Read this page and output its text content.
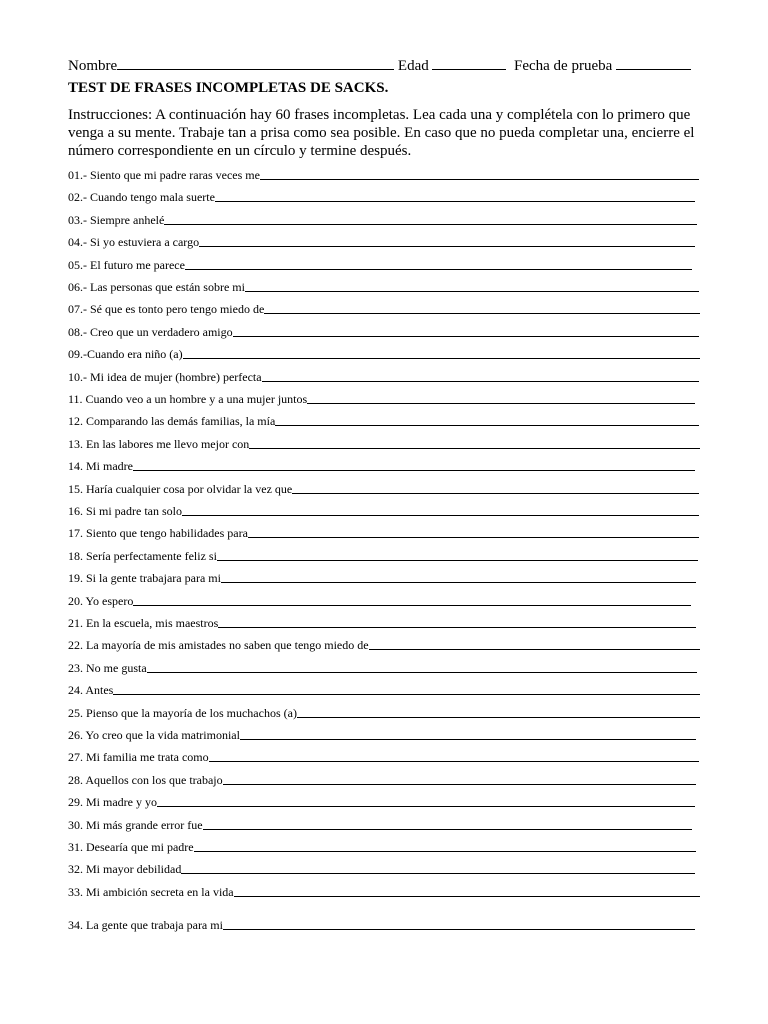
Nombre	Edad	Fecha de prueba
TEST DE FRASES INCOMPLETAS DE SACKS.
Instrucciones: A continuación hay 60 frases incompletas. Lea cada una y complétela con lo primero que venga a su mente. Trabaje tan a prisa como sea posible. En caso que no pueda completar una, encierre el número correspondiente en un círculo y termine después.
01.- Siento que mi padre raras veces me
02.- Cuando tengo mala suerte
03.- Siempre anhelé
04.- Si yo estuviera a cargo
05.- El futuro me parece
06.- Las personas que están sobre mi
07.- Sé que es tonto pero tengo miedo de
08.- Creo que un verdadero amigo
09.-Cuando era niño (a)
10.- Mi idea de mujer (hombre) perfecta
11. Cuando veo a un hombre y a una mujer juntos
12. Comparando las demás familias, la mía
13. En las labores me llevo mejor con
14. Mi madre
15. Haría cualquier cosa por olvidar la vez que
16. Si mi padre tan solo
17. Siento que tengo habilidades para
18. Sería perfectamente feliz si
19. Si la gente trabajara para mi
20. Yo espero
21. En la escuela, mis maestros
22. La mayoría de mis amistades no saben que tengo miedo de
23. No me gusta
24. Antes
25. Pienso que la mayoría de los muchachos (a)
26. Yo creo que la vida matrimonial
27. Mi familia me trata como
28. Aquellos con los que trabajo
29. Mi madre y yo
30. Mi más grande error fue
31. Desearía que mi padre
32. Mi mayor debilidad
33. Mi ambición secreta en la vida
34. La gente que trabaja para mi
